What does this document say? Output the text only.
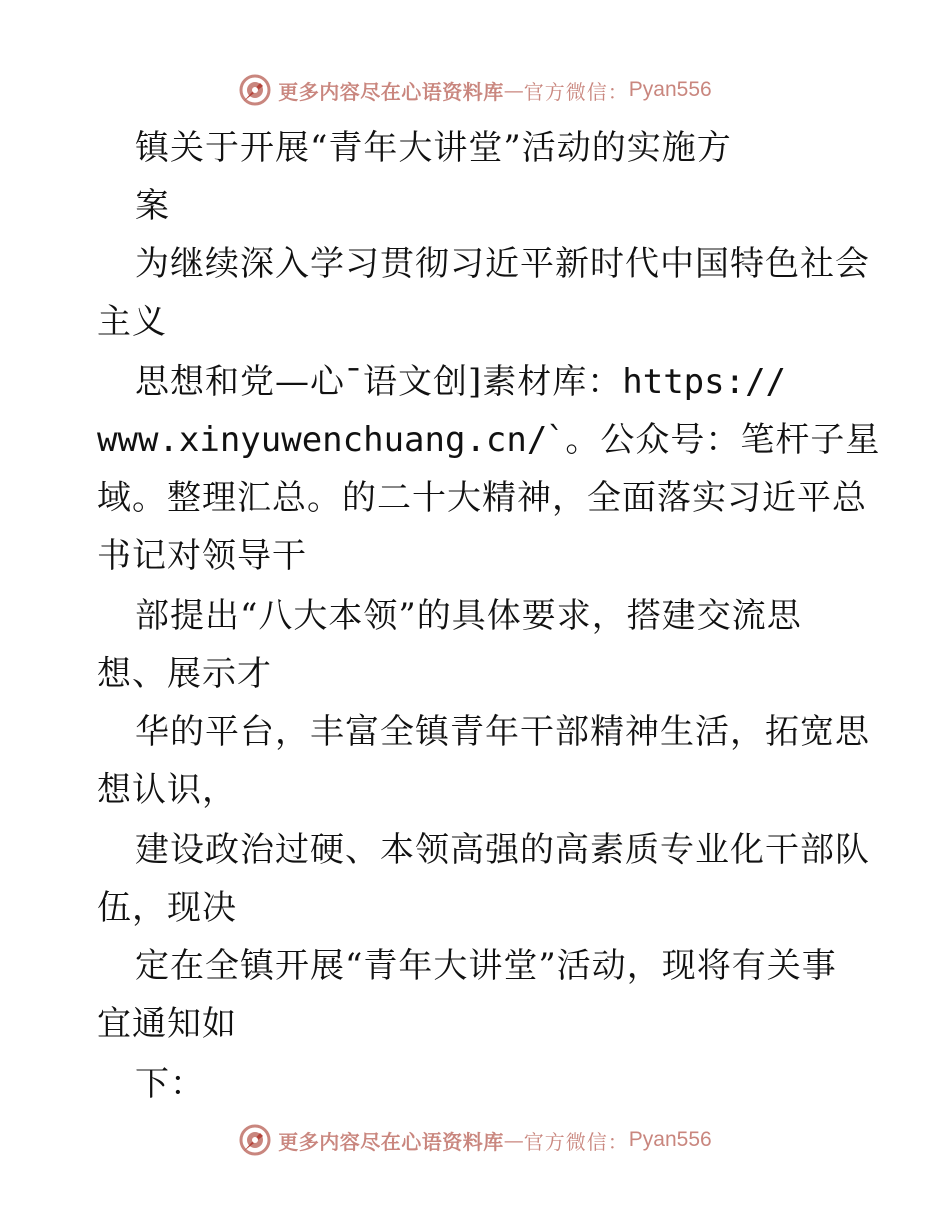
更多内容尽在心语资料库 — 官方微信： Pyan556
镇关于开展“青年大讲堂”活动的实施方
案
为继续深入学习贯彻习近平新时代中国特色社会
主义
思想和党—心¯语文创]素材库：https://
www.xinyuwenchuang.cn/`。公众号：笔杆子星
域。整理汇总。的二十大精神，全面落实习近平总
书记对领导干
部提出“八大本领”的具体要求，搭建交流思
想、展示才
华的平台，丰富全镇青年干部精神生活，拓宽思
想认识，
建设政治过硬、本领高强的高素质专业化干部队
伍，现决
定在全镇开展“青年大讲堂”活动，现将有关事
宜通知如
下：
更多内容尽在心语资料库 — 官方微信： Pyan556
